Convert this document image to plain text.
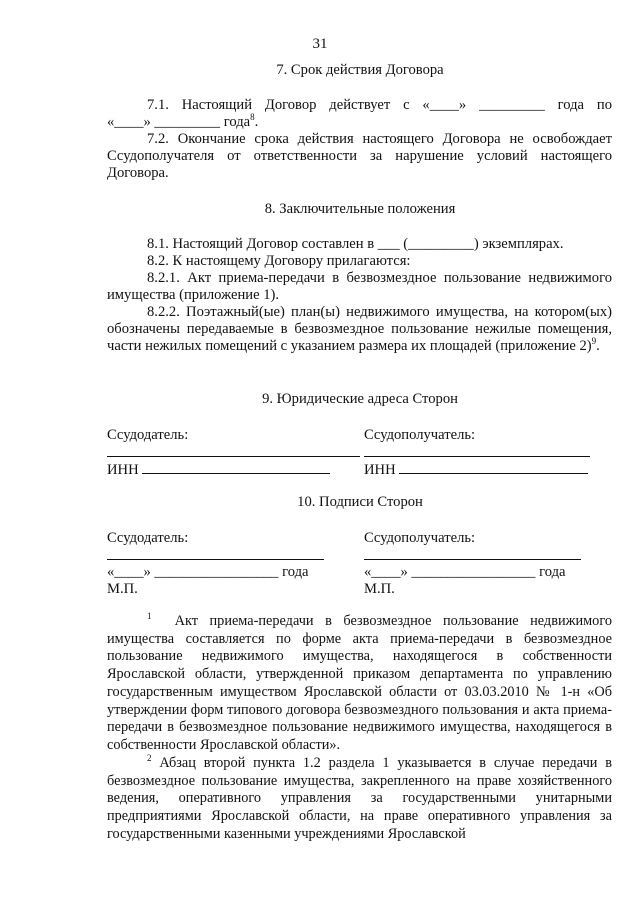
31
7. Срок действия Договора
7.1. Настоящий Договор действует с «____» _________ года по
«____» _________ года$^8$.
7.2. Окончание срока действия настоящего Договора не освобождает Ссудополучателя от ответственности за нарушение условий настоящего Договора.
8. Заключительные положения
8.1. Настоящий Договор составлен в ___ (_________) экземплярах.
8.2. К настоящему Договору прилагаются:
8.2.1. Акт приема-передачи в безвозмездное пользование недвижимого имущества (приложение 1).
8.2.2. Поэтажный(ые) план(ы) недвижимого имущества, на котором(ых) обозначены передаваемые в безвозмездное пользование нежилые помещения, части нежилых помещений с указанием размера их площадей (приложение 2)$^9$.
9. Юридические адреса Сторон
Ссудодатель:	Ссудополучатель:
ИНН	ИНН
10. Подписи Сторон
Ссудодатель:	Ссудополучатель:
«____» _________________ года	«____» _________________ года
М.П.	М.П.
$^1$ Акт приема-передачи в безвозмездное пользование недвижимого имущества составляется по форме акта приема-передачи в безвозмездное пользование недвижимого имущества, находящегося в собственности Ярославской области, утвержденной приказом департамента по управлению государственным имуществом Ярославской области от 03.03.2010 № 1-н «Об утверждении форм типового договора безвозмездного пользования и акта приема-передачи в безвозмездное пользование недвижимого имущества, находящегося в собственности Ярославской области».
$^2$ Абзац второй пункта 1.2 раздела 1 указывается в случае передачи в безвозмездное пользование имущества, закрепленного на праве хозяйственного ведения, оперативного управления за государственными унитарными предприятиями Ярославской области, на праве оперативного управления за государственными казенными учреждениями Ярославской
